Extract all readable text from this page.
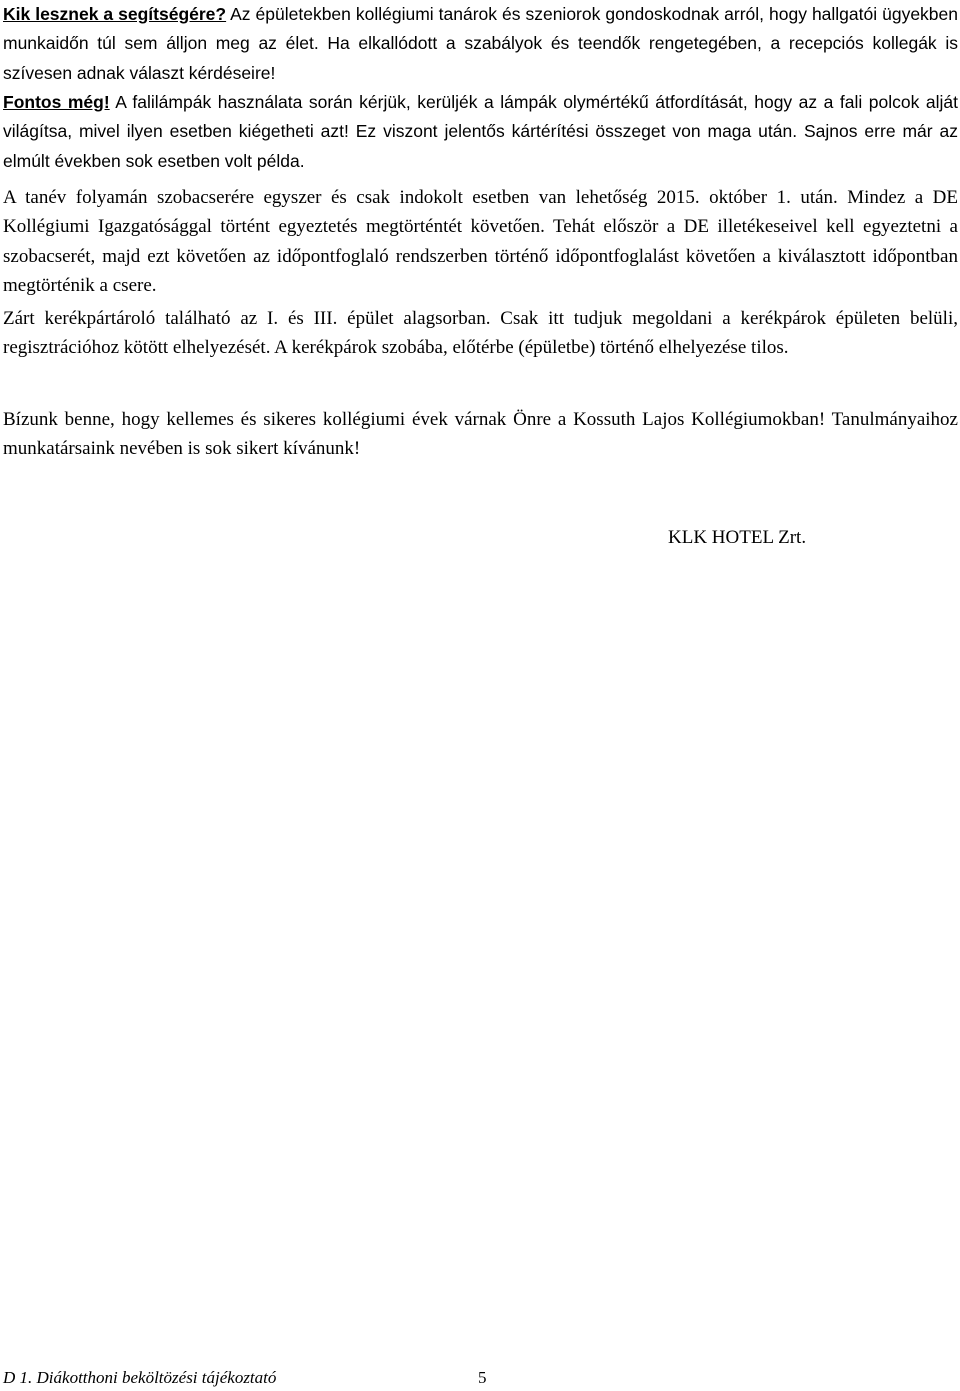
Kik lesznek a segítségére? Az épületekben kollégiumi tanárok és szeniorok gondoskodnak arról, hogy hallgatói ügyekben munkaidőn túl sem álljon meg az élet. Ha elkallódott a szabályok és teendők rengetegében, a recepciós kollegák is szívesen adnak választ kérdéseire!

Fontos még! A falilámpák használata során kérjük, kerüljék a lámpák olymértékű átfordítását, hogy az a fali polcok alját világítsa, mivel ilyen esetben kiégetheti azt! Ez viszont jelentős kártérítési összeget von maga után. Sajnos erre már az elmúlt években sok esetben volt példa.

A tanév folyamán szobacserére egyszer és csak indokolt esetben van lehetőség 2015. október 1. után. Mindez a DE Kollégiumi Igazgatósággal történt egyeztetés megtörténtét követően. Tehát először a DE illetékeseivel kell egyeztetni a szobacserét, majd ezt követően az időpontfoglaló rendszerben történő időpontfoglalást követően a kiválasztott időpontban megtörténik a csere.

Zárt kerékpártároló található az I. és III. épület alagsorban. Csak itt tudjuk megoldani a kerékpárok épületen belüli, regisztrációhoz kötött elhelyezését. A kerékpárok szobába, előtérbe (épületbe) történő elhelyezése tilos.

Bízunk benne, hogy kellemes és sikeres kollégiumi évek várnak Önre a Kossuth Lajos Kollégiumokban! Tanulmányaihoz munkatársaink nevében is sok sikert kívánunk!

KLK HOTEL Zrt.
D 1. Diákotthoni beköltözési tájékoztató	5
